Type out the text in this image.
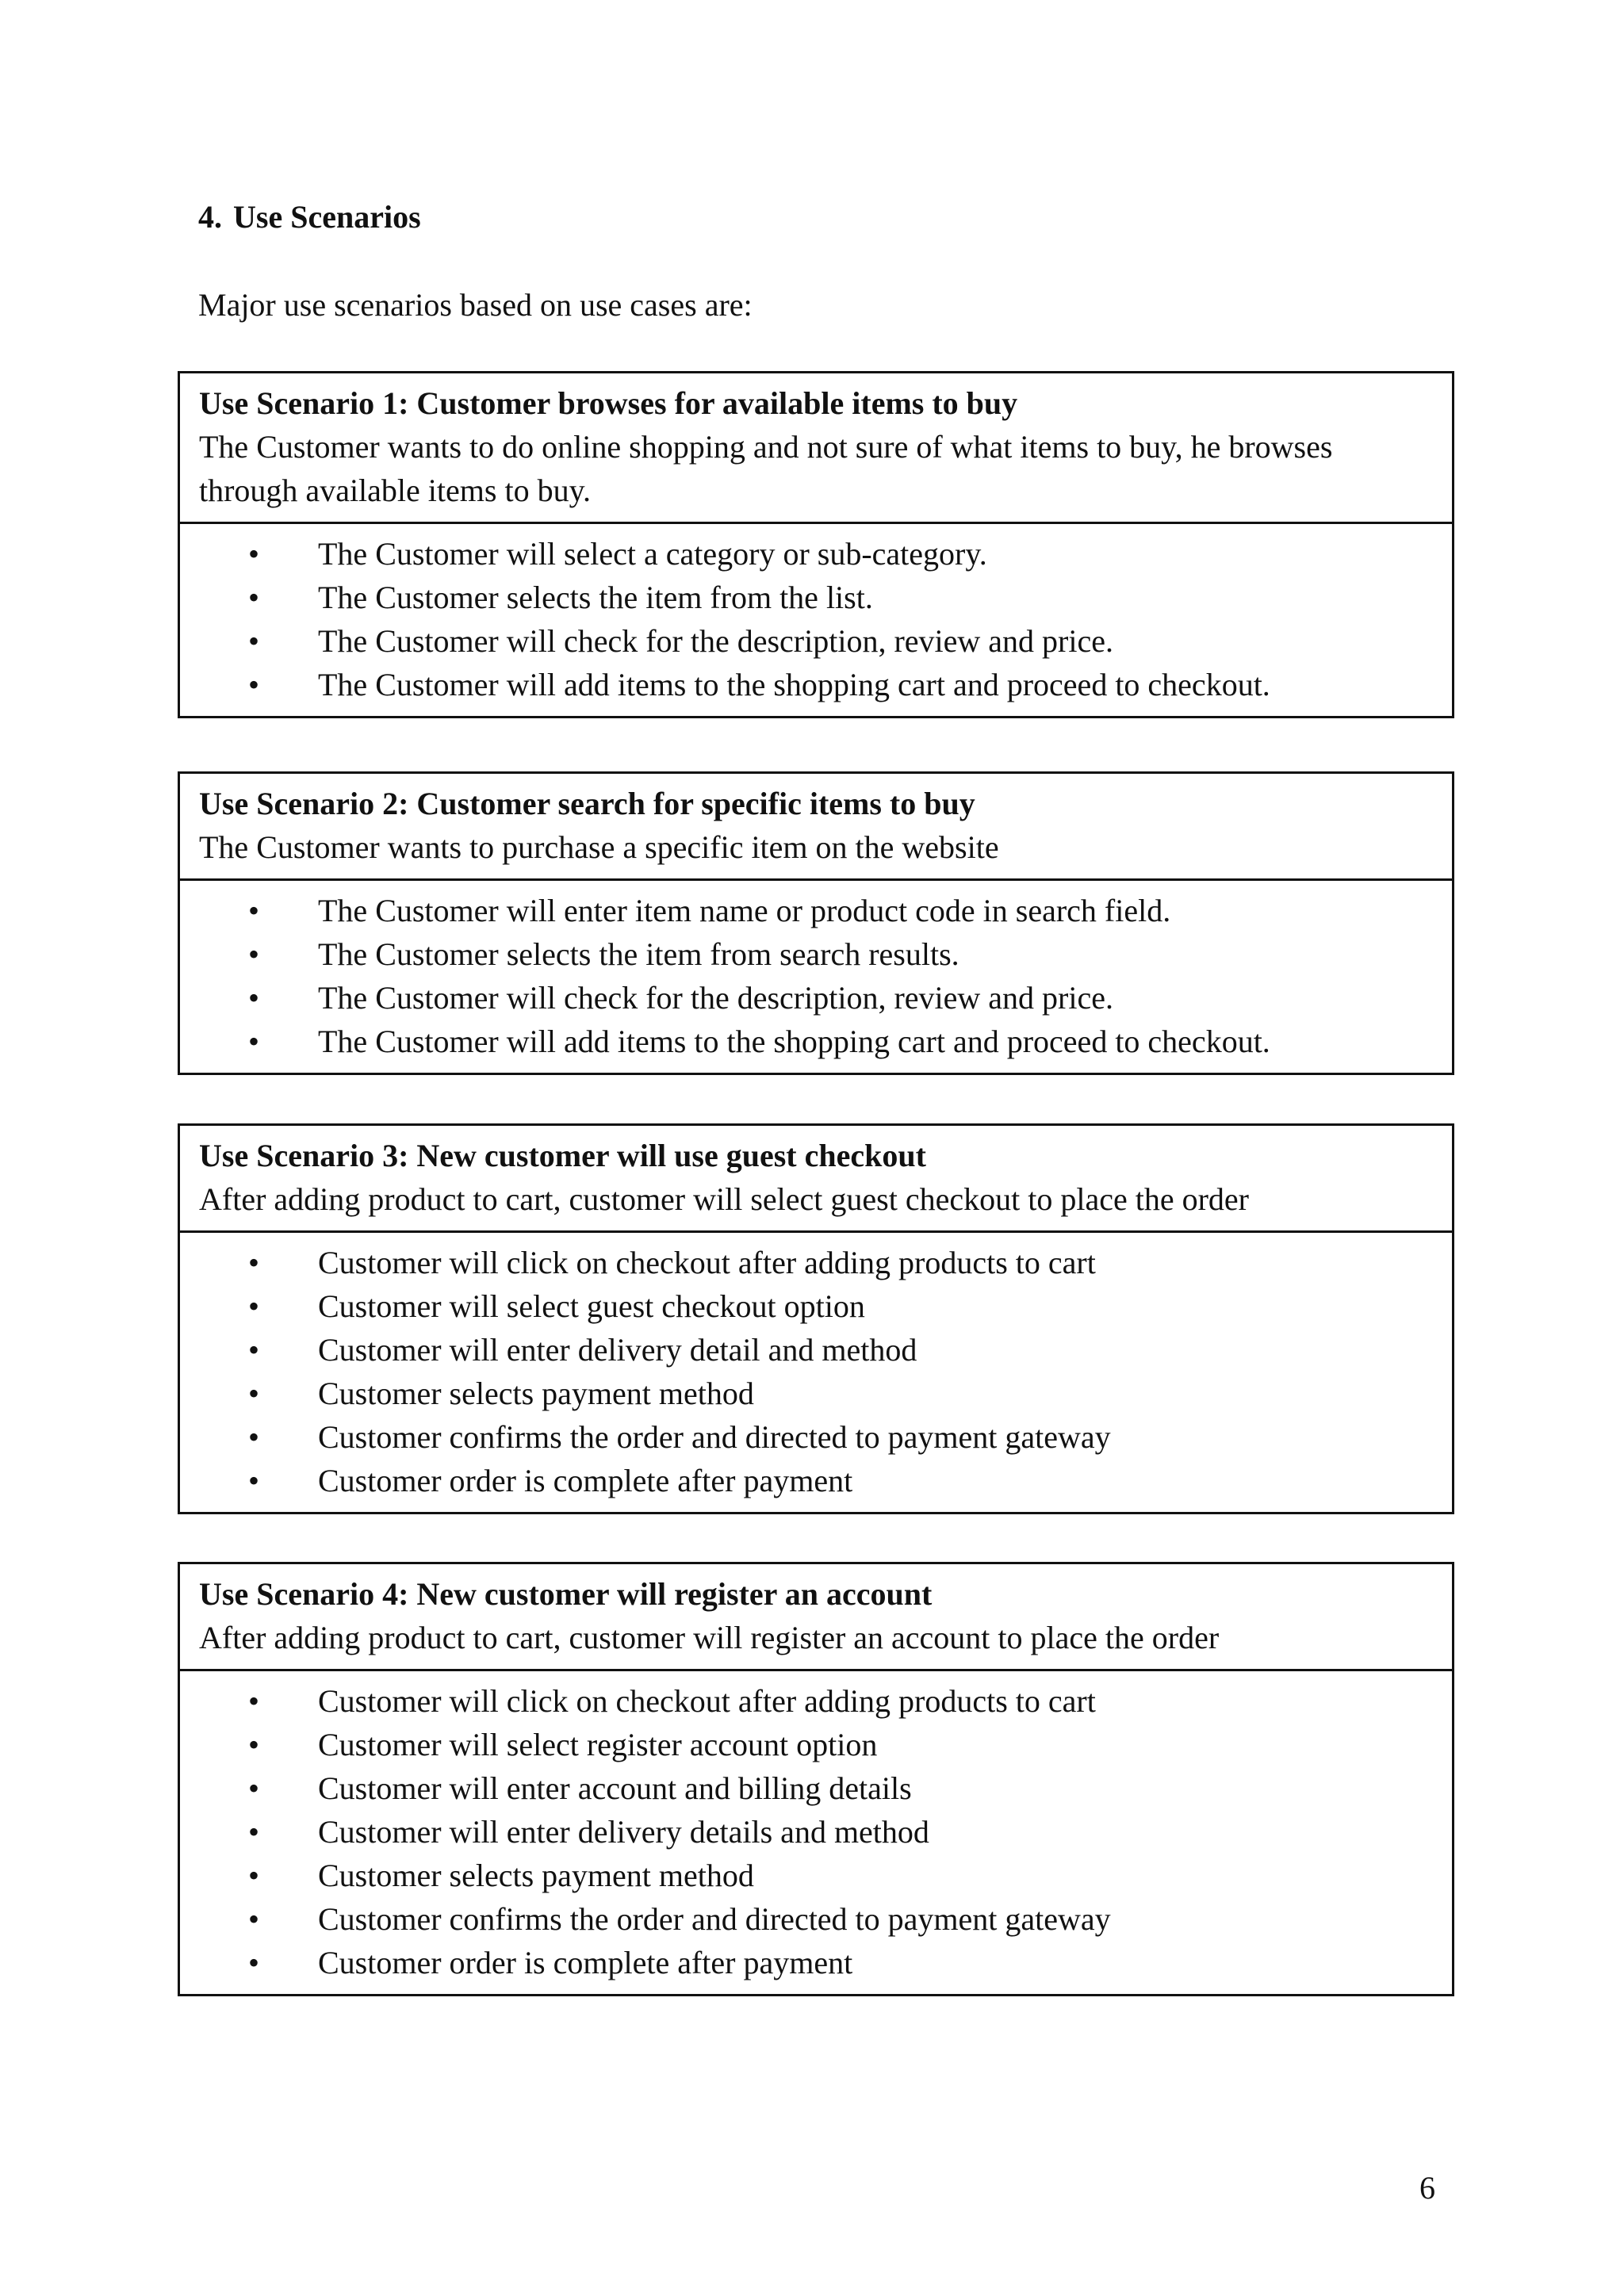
4. Use Scenarios

Major use scenarios based on use cases are:

Use Scenario 1: Customer browses for available items to buy
The Customer wants to do online shopping and not sure of what items to buy, he browses through available items to buy.
• The Customer will select a category or sub-category.
• The Customer selects the item from the list.
• The Customer will check for the description, review and price.
• The Customer will add items to the shopping cart and proceed to checkout.
Use Scenario 2: Customer search for specific items to buy
The Customer wants to purchase a specific item on the website
• The Customer will enter item name or product code in search field.
• The Customer selects the item from search results.
• The Customer will check for the description, review and price.
• The Customer will add items to the shopping cart and proceed to checkout.
Use Scenario 3: New customer will use guest checkout
After adding product to cart, customer will select guest checkout to place the order
• Customer will click on checkout after adding products to cart
• Customer will select guest checkout option
• Customer will enter delivery detail and method
• Customer selects payment method
• Customer confirms the order and directed to payment gateway
• Customer order is complete after payment
Use Scenario 4: New customer will register an account
After adding product to cart, customer will register an account to place the order
• Customer will click on checkout after adding products to cart
• Customer will select register account option
• Customer will enter account and billing details
• Customer will enter delivery details and method
• Customer selects payment method
• Customer confirms the order and directed to payment gateway
• Customer order is complete after payment
6
